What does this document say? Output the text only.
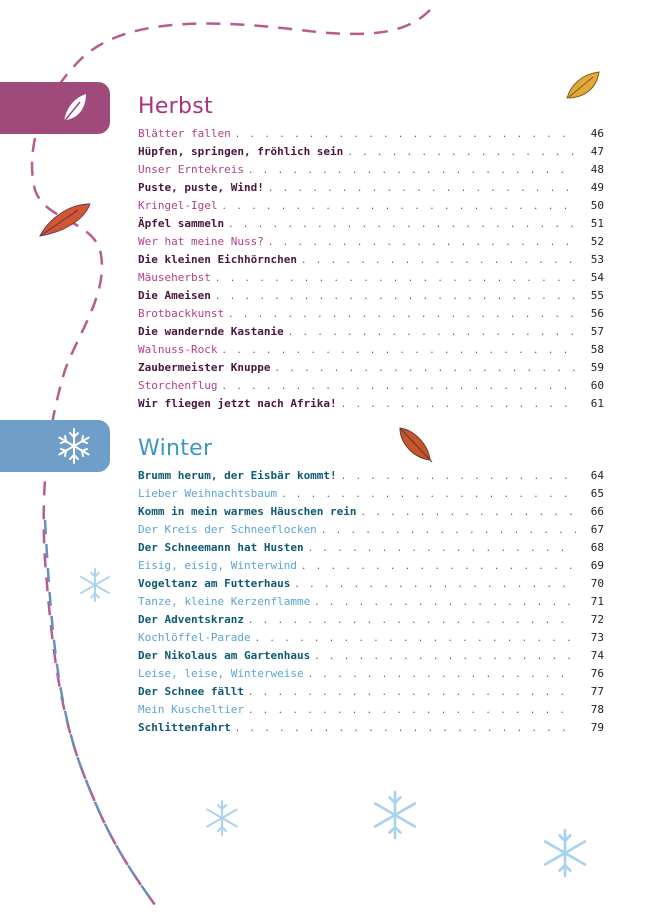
Herbst
Blätter fallen . . .	46
Hüpfen, springen, fröhlich sein . . .	47
Unser Erntekreis . . .	48
Puste, puste, Wind! . . .	49
Kringel-Igel . . .	50
Äpfel sammeln . . .	51
Wer hat meine Nuss? . . .	52
Die kleinen Eichhörnchen . . .	53
Mäuseherbst . . .	54
Die Ameisen . . .	55
Brotbackkunst . . .	56
Die wandernde Kastanie . . .	57
Walnuss-Rock . . .	58
Zaubermeister Knuppe . . .	59
Storchenflug . . .	60
Wir fliegen jetzt nach Afrika! . . .	61
Winter
Brumm herum, der Eisbär kommt! . . .	64
Lieber Weihnachtsbaum . . .	65
Komm in mein warmes Häuschen rein . . .	66
Der Kreis der Schneeflocken . . .	67
Der Schneemann hat Husten . . .	68
Eisig, eisig, Winterwind . . .	69
Vogeltanz am Futterhaus . . .	70
Tanze, kleine Kerzenflamme . . .	71
Der Adventskranz . . .	72
Kochlöffel-Parade . . .	73
Der Nikolaus am Gartenhaus . . .	74
Leise, leise, Winterweise . . .	76
Der Schnee fällt . . .	77
Mein Kuscheltier . . .	78
Schlittenfahrt . . .	79
